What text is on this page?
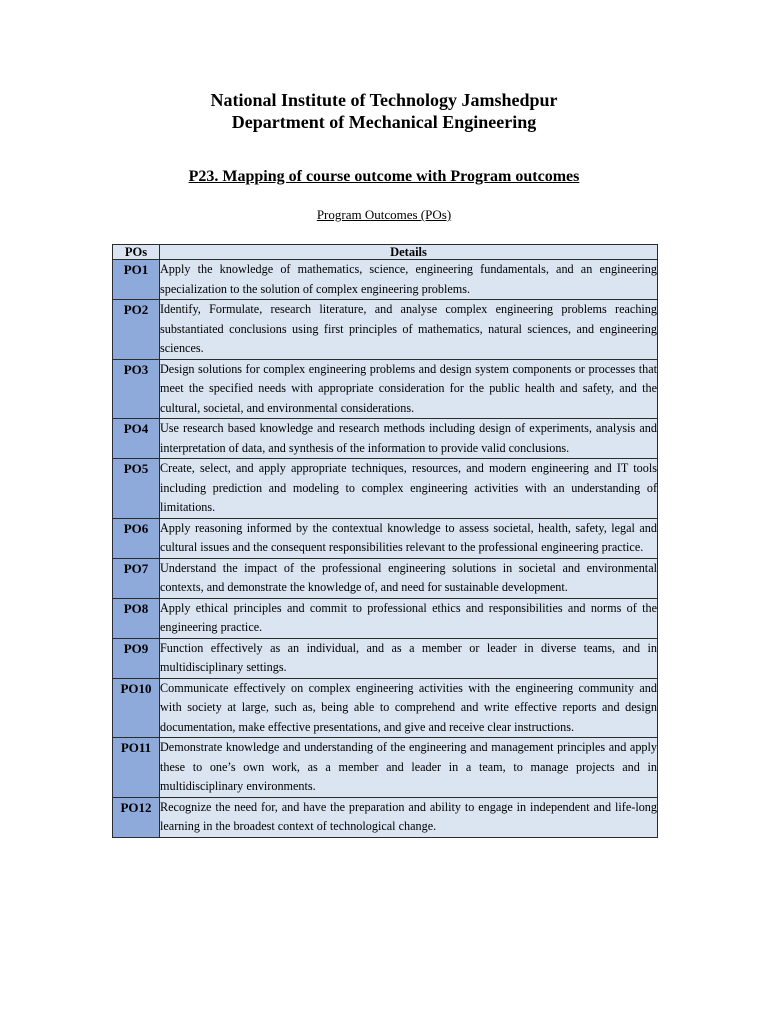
National Institute of Technology Jamshedpur
Department of Mechanical Engineering
P23. Mapping of course outcome with Program outcomes
Program Outcomes (POs)
POs	Details
PO1	Apply the knowledge of mathematics, science, engineering fundamentals, and an engineering specialization to the solution of complex engineering problems.
PO2	Identify, Formulate, research literature, and analyse complex engineering problems reaching substantiated conclusions using first principles of mathematics, natural sciences, and engineering sciences.
PO3	Design solutions for complex engineering problems and design system components or processes that meet the specified needs with appropriate consideration for the public health and safety, and the cultural, societal, and environmental considerations.
PO4	Use research based knowledge and research methods including design of experiments, analysis and interpretation of data, and synthesis of the information to provide valid conclusions.
PO5	Create, select, and apply appropriate techniques, resources, and modern engineering and IT tools including prediction and modeling to complex engineering activities with an understanding of limitations.
PO6	Apply reasoning informed by the contextual knowledge to assess societal, health, safety, legal and cultural issues and the consequent responsibilities relevant to the professional engineering practice.
PO7	Understand the impact of the professional engineering solutions in societal and environmental contexts, and demonstrate the knowledge of, and need for sustainable development.
PO8	Apply ethical principles and commit to professional ethics and responsibilities and norms of the engineering practice.
PO9	Function effectively as an individual, and as a member or leader in diverse teams, and in multidisciplinary settings.
PO10	Communicate effectively on complex engineering activities with the engineering community and with society at large, such as, being able to comprehend and write effective reports and design documentation, make effective presentations, and give and receive clear instructions.
PO11	Demonstrate knowledge and understanding of the engineering and management principles and apply these to one’s own work, as a member and leader in a team, to manage projects and in multidisciplinary environments.
PO12	Recognize the need for, and have the preparation and ability to engage in independent and life-long learning in the broadest context of technological change.
